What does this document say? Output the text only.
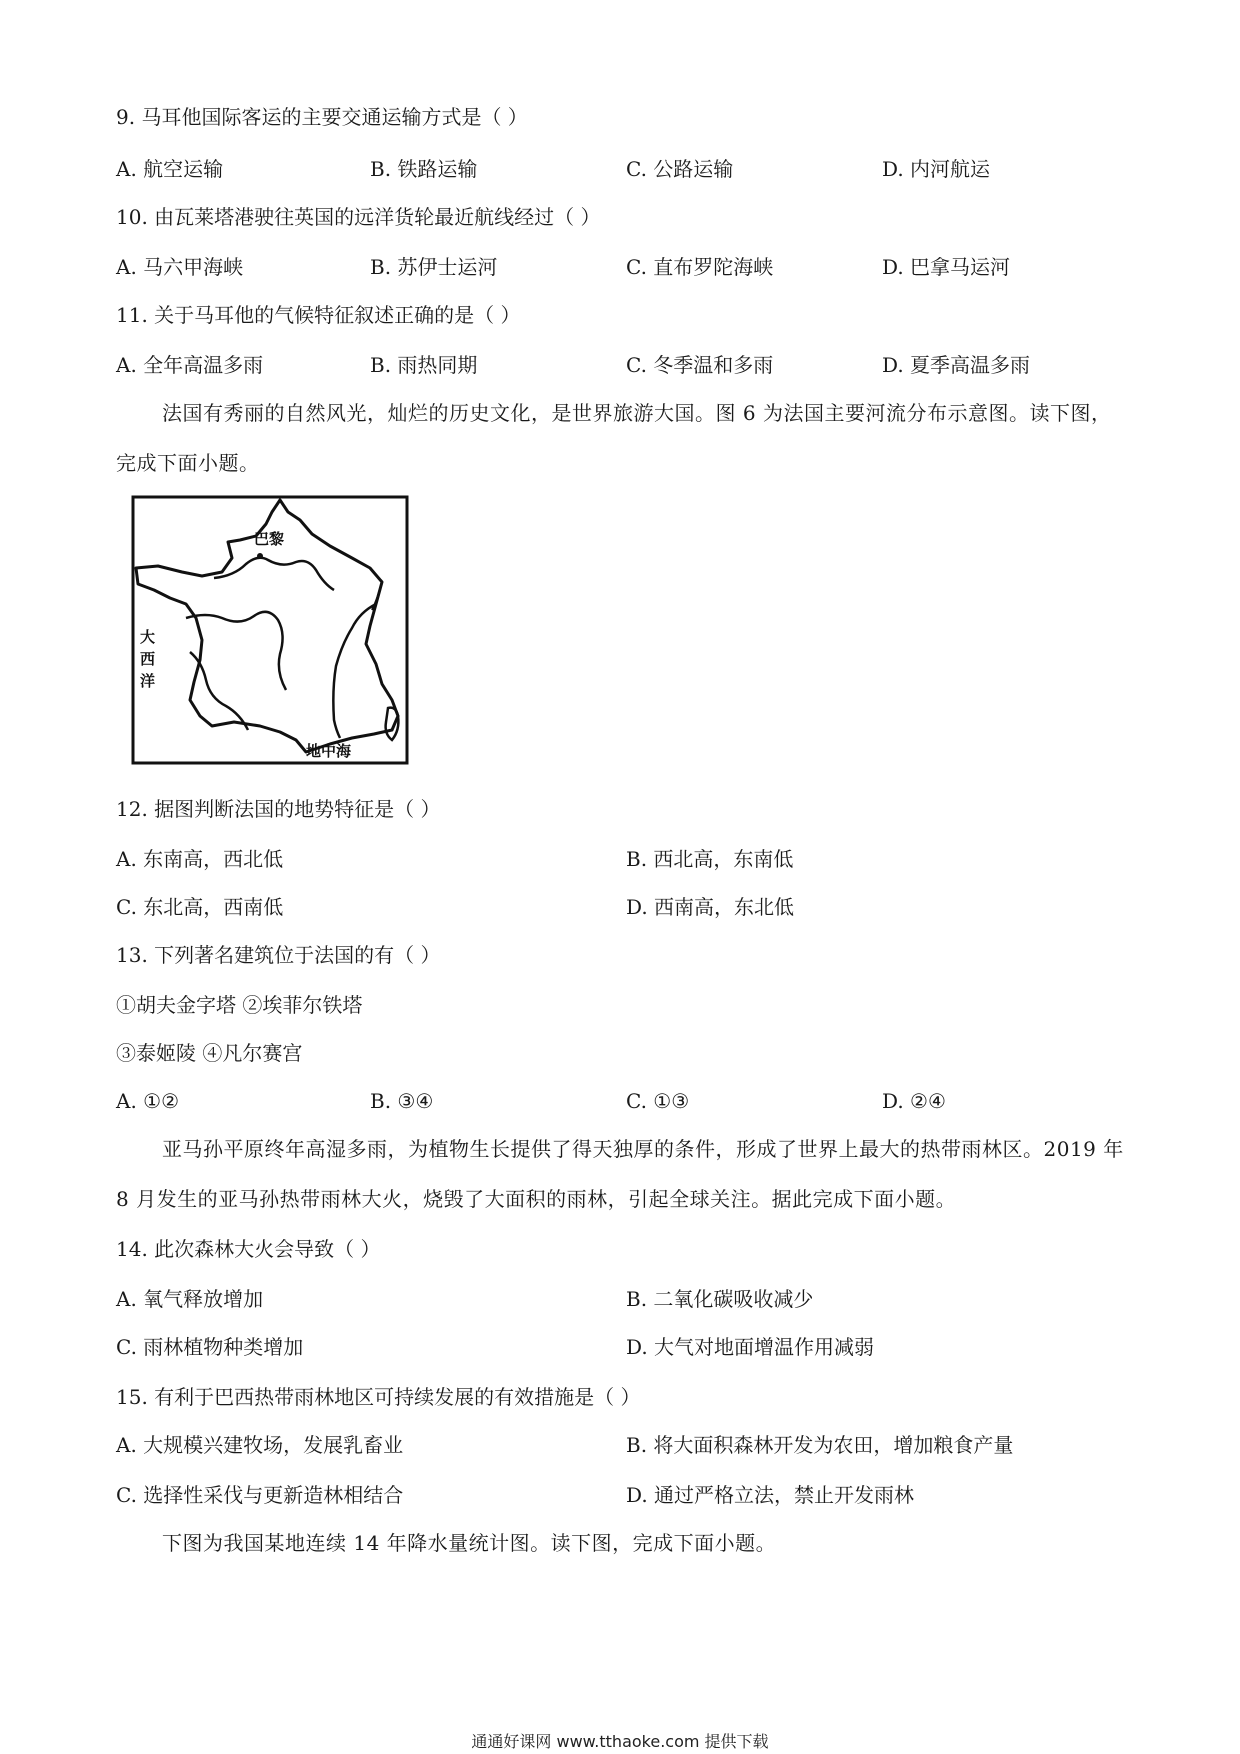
9. 马耳他国际客运的主要交通运输方式是（ ）
A. 航空运输	B. 铁路运输	C. 公路运输	D. 内河航运
10. 由瓦莱塔港驶往英国的远洋货轮最近航线经过（ ）
A. 马六甲海峡	B. 苏伊士运河	C. 直布罗陀海峡	D. 巴拿马运河
11. 关于马耳他的气候特征叙述正确的是（ ）
A. 全年高温多雨	B. 雨热同期	C. 冬季温和多雨	D. 夏季高温多雨
法国有秀丽的自然风光，灿烂的历史文化，是世界旅游大国。图 6 为法国主要河流分布示意图。读下图，完成下面小题。
巴黎
大
西
洋
地中海
12. 据图判断法国的地势特征是（ ）
A. 东南高，西北低	B. 西北高，东南低
C. 东北高，西南低	D. 西南高，东北低
13. 下列著名建筑位于法国的有（ ）
①胡夫金字塔 ②埃菲尔铁塔
③泰姬陵 ④凡尔赛宫
A. ①②	B. ③④	C. ①③	D. ②④
亚马孙平原终年高湿多雨，为植物生长提供了得天独厚的条件，形成了世界上最大的热带雨林区。2019 年 8 月发生的亚马孙热带雨林大火，烧毁了大面积的雨林，引起全球关注。据此完成下面小题。
14. 此次森林大火会导致（ ）
A. 氧气释放增加	B. 二氧化碳吸收减少
C. 雨林植物种类增加	D. 大气对地面增温作用减弱
15. 有利于巴西热带雨林地区可持续发展的有效措施是（ ）
A. 大规模兴建牧场，发展乳畜业	B. 将大面积森林开发为农田，增加粮食产量
C. 选择性采伐与更新造林相结合	D. 通过严格立法，禁止开发雨林
下图为我国某地连续 14 年降水量统计图。读下图，完成下面小题。
通通好课网 www.tthaoke.com 提供下载
